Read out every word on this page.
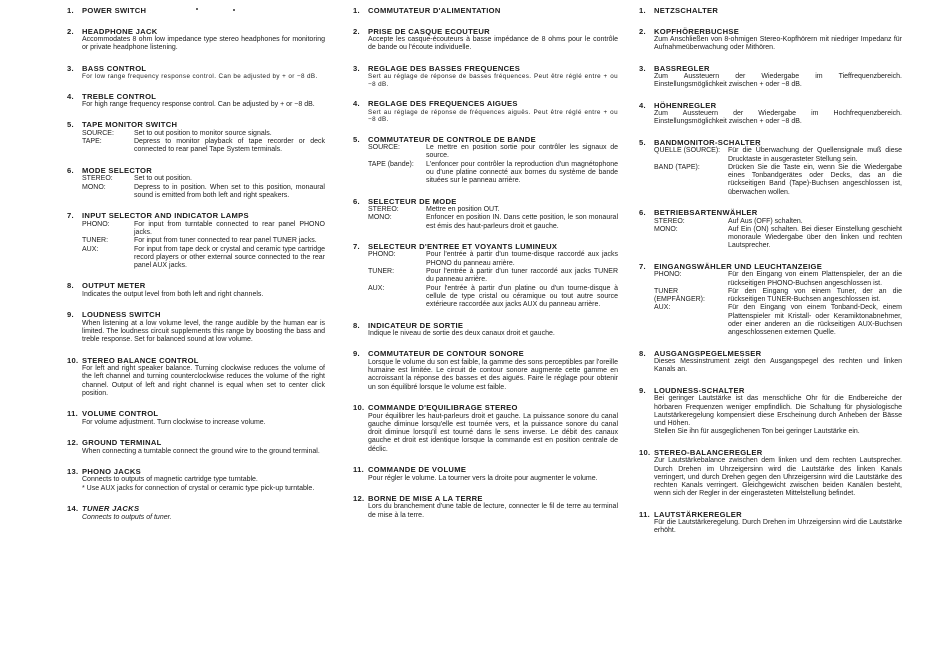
1. POWER SWITCH
2. HEADPHONE JACK
Accommodates 8 ohm low impedance type stereo headphones for monitoring or private headphone listening.
3. BASS CONTROL
For low range frequency response control. Can be adjusted by + or −8 dB.
4. TREBLE CONTROL
For high range frequency response control. Can be adjusted by + or −8 dB.
5. TAPE MONITOR SWITCH
SOURCE:	Set to out position to monitor source signals.
TAPE:	Depress to monitor playback of tape recorder or deck connected to rear panel Tape System terminals.
6. MODE SELECTOR
STEREO:	Set to out position.
MONO:	Depress to in position. When set to this position, monaural sound is emitted from both left and right speakers.
7. INPUT SELECTOR AND INDICATOR LAMPS
PHONO:	For input from turntable connected to rear panel PHONO jacks.
TUNER:	For input from tuner connected to rear panel TUNER jacks.
AUX:	For input from tape deck or crystal and ceramic type cartridge record players or other external source connected to the rear panel AUX jacks.
8. OUTPUT METER
Indicates the output level from both left and right channels.
9. LOUDNESS SWITCH
When listening at a low volume level, the range audible by the human ear is limited. The loudness circuit supplements this range by boosting the bass and treble response. Set for balanced sound at low volume.
10. STEREO BALANCE CONTROL
For left and right speaker balance. Turning clockwise reduces the volume of the left channel and turning counterclockwise reduces the volume of the right channel. Output of left and right channel is equal when set to center click position.
11. VOLUME CONTROL
For volume adjustment. Turn clockwise to increase volume.
12. GROUND TERMINAL
When connecting a turntable connect the ground wire to the ground terminal.
13. PHONO JACKS
Connects to outputs of magnetic cartridge type turntable.
* Use AUX jacks for connection of crystal or ceramic type pick-up turntable.
14. TUNER JACKS
Connects to outputs of tuner.
1. COMMUTATEUR D'ALIMENTATION
2. PRISE DE CASQUE ECOUTEUR
Accepte les casque-écouteurs à basse impédance de 8 ohms pour le contrôle de bande ou l'écoute individuelle.
3. REGLAGE DES BASSES FREQUENCES
Sert au réglage de réponse de basses fréquences. Peut être réglé entre + ou −8 dB.
4. REGLAGE DES FREQUENCES AIGUES
Sert au réglage de réponse de fréquences aiguës. Peut être réglé entre + ou −8 dB.
5. COMMUTATEUR DE CONTROLE DE BANDE
SOURCE:	Le mettre en position sortie pour contrôler les signaux de source.
TAPE (bande):	L'enfoncer pour contrôler la reproduction d'un magnétophone ou d'une platine connecté aux bornes du système de bande situées sur le panneau arrière.
6. SELECTEUR DE MODE
STEREO:	Mettre en position OUT.
MONO:	Enfoncer en position IN. Dans cette position, le son monaural est émis des haut-parleurs droit et gauche.
7. SELECTEUR D'ENTREE ET VOYANTS LUMINEUX
PHONO:	Pour l'entrée à partir d'un tourne-disque raccordé aux jacks PHONO du panneau arrière.
TUNER:	Pour l'entrée à partir d'un tuner raccordé aux jacks TUNER du panneau arrière.
AUX:	Pour l'entrée à partir d'un platine ou d'un tourne-disque à cellule de type cristal ou céramique ou tout autre source extérieure raccordée aux jacks AUX du panneau arrière.
8. INDICATEUR DE SORTIE
Indique le niveau de sortie des deux canaux droit et gauche.
9. COMMUTATEUR DE CONTOUR SONORE
Lorsque le volume du son est faible, la gamme des sons perceptibles par l'oreille humaine est limitée. Le circuit de contour sonore augmente cette gamme en accroissant la réponse des basses et des aiguës. Faire le réglage pour obtenir un son équilibré lorsque le volume est faible.
10. COMMANDE D'EQUILIBRAGE STEREO
Pour équilibrer les haut-parleurs droit et gauche. La puissance sonore du canal gauche diminue lorsqu'elle est tournée vers, et la puissance sonore du canal droit diminue lorsqu'il est tourné dans le sens inverse. Le débit des canaux gauche et droit est identique lorsque la commande est en position centrale de déclic.
11. COMMANDE DE VOLUME
Pour régler le volume. La tourner vers la droite pour augmenter le volume.
12. BORNE DE MISE A LA TERRE
Lors du branchement d'une table de lecture, connecter le fil de terre au terminal de mise à la terre.
1. NETZSCHALTER
2. KOPFHÖRERBUCHSE
Zum Anschließen von 8-ohmigen Stereo-Kopfhörern mit niedriger Impedanz für Aufnahmeüberwachung oder Mithören.
3. BASSREGLER
Zum Aussteuern der Wiedergabe im Tieffrequenzbereich. Einstellungsmöglichkeit zwischen + oder −8 dB.
4. HÖHENREGLER
Zum Aussteuern der Wiedergabe im Hochfrequenzbereich. Einstellungsmöglichkeit zwischen + oder −8 dB.
5. BANDMONITOR-SCHALTER
QUELLE (SOURCE):	Für die Überwachung der Quellensignale muß diese Drucktaste in ausgerasteter Stellung sein.
BAND (TAPE):	Drücken Sie die Taste ein, wenn Sie die Wiedergabe eines Tonbandgerätes oder Decks, das an die rückseitigen Band (Tape)-Buchsen angeschlossen ist, überwachen wollen.
6. BETRIEBSARTENWÄHLER
STEREO:	Auf Aus (OFF) schalten.
MONO:	Auf Ein (ON) schalten. Bei dieser Einstellung geschieht monoraule Wiedergabe über den linken und rechten Lautsprecher.
7. EINGANGSWÄHLER UND LEUCHTANZEIGE
PHONO:	Für den Eingang von einem Plattenspieler, der an die rückseitigen PHONO-Buchsen angeschlossen ist.
TUNER
(EMPFÄNGER):
Für den Eingang von einem Tuner, der an die rückseitigen TUNER-Buchsen angeschlossen ist.
AUX:	Für den Eingang von einem Tonband-Deck, einem Plattenspieler mit Kristall- oder Keramiktonabnehmer, oder einer anderen an die rückseitigen AUX-Buchsen angeschlossenen externen Quelle.
8. AUSGANGSPEGELMESSER
Dieses Messinstrument zeigt den Ausgangspegel des rechten und linken Kanals an.
9. LOUDNESS-SCHALTER
Bei geringer Lautstärke ist das menschliche Ohr für die Endbereiche der hörbaren Frequenzen weniger empfindlich. Die Schaltung für physiologische Lautstärkeregelung kompensiert diese Erscheinung durch Anheben der Bässe und Höhen.
Stellen Sie ihn für ausgeglichenen Ton bei geringer Lautstärke ein.
10. STEREO-BALANCEREGLER
Zur Lautstärkebalance zwischen dem linken und dem rechten Lautsprecher. Durch Drehen im Uhrzeigersinn wird die Lautstärke des linken Kanals verringert, und durch Drehen gegen den Uhrzeigersinn wird die Lautstärke des rechten Kanals verringert. Gleichgewicht zwischen beiden Kanälen besteht, wenn sich der Regler in der eingerasteten Mittelstellung befindet.
11. LAUTSTÄRKEREGLER
Für die Lautstärkeregelung. Durch Drehen im Uhrzeigersinn wird die Lautstärke erhöht.
